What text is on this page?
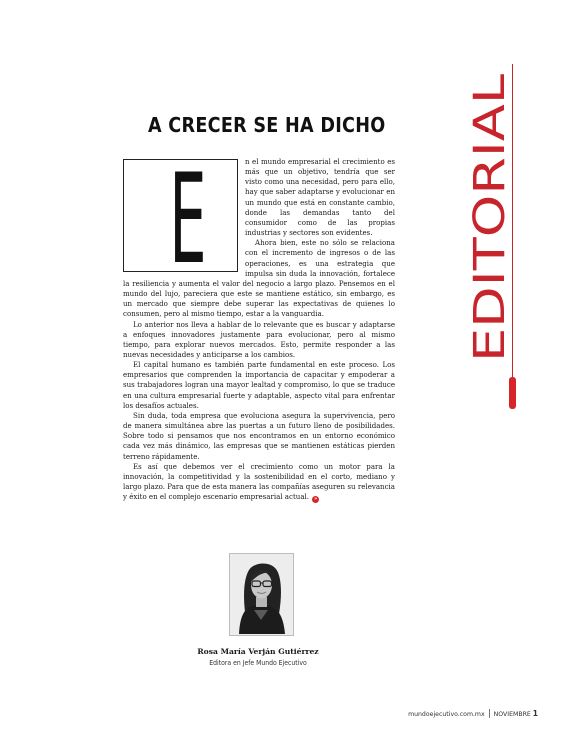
EDITORIAL
A CRECER SE HA DICHO
E	n el mundo empresarial el crecimiento es más que un objetivo, tendría que ser visto como una necesidad, pero para ello, hay que saber adaptarse y evolucionar en un mundo que está en constante cambio, donde las demandas tanto del consumidor como de las propias industrias y sectores son evidentes.

Ahora bien, este no sólo se relaciona con el incremento de ingresos o de las operaciones, es una estrategia que impulsa sin duda la innovación, fortalece la resiliencia y aumenta el valor del negocio a largo plazo. Pensemos en el mundo del lujo, pareciera que este se mantiene estático, sin embargo, es un mercado que siempre debe superar las expectativas de quienes lo consumen, pero al mismo tiempo, estar a la vanguardia.

Lo anterior nos lleva a hablar de lo relevante que es buscar y adaptarse a enfoques innovadores justamente para evolucionar, pero al mismo tiempo, para explorar nuevos mercados. Esto, permite responder a las nuevas necesidades y anticiparse a los cambios.

El capital humano es también parte fundamental en este proceso. Los empresarios que comprenden la importancia de capacitar y empoderar a sus trabajadores logran una mayor lealtad y compromiso, lo que se traduce en una cultura empresarial fuerte y adaptable, aspecto vital para enfrentar los desafíos actuales.

Sin duda, toda empresa que evoluciona asegura la supervivencia, pero de manera simultánea abre las puertas a un futuro lleno de posibilidades. Sobre todo si pensamos que nos encontramos en un entorno económico cada vez más dinámico, las empresas que se mantienen estáticas pierden terreno rápidamente.

Es así que debemos ver el crecimiento como un motor para la innovación, la competitividad y la sostenibilidad en el corto, mediano y largo plazo. Para que de esta manera las compañías aseguren su relevancia y éxito en el complejo escenario empresarial actual. »

Rosa María Verján Gutiérrez
Editora en Jefe Mundo Ejecutivo
mundoejecutivo.com.mx NOVIEMBRE 1
